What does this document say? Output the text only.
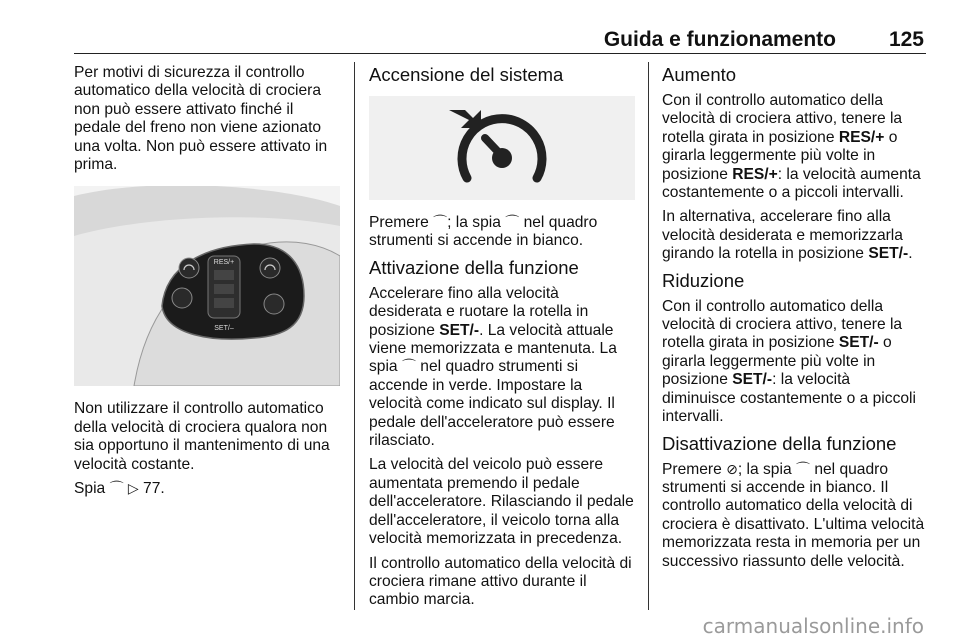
Guida e funzionamento	125

Per motivi di sicurezza il controllo automatico della velocità di crociera non può essere attivato finché il pedale del freno non viene azionato una volta. Non può essere attivato in prima.

RES/+
SET/–

Non utilizzare il controllo automatico della velocità di crociera qualora non sia opportuno il mantenimento di una velocità costante.

Spia ⌒ ▷ 77.

Accensione del sistema

Premere ⌒; la spia ⌒ nel quadro strumenti si accende in bianco.

Attivazione della funzione

Accelerare fino alla velocità desiderata e ruotare la rotella in posizione SET/-. La velocità attuale viene memorizzata e mantenuta. La spia ⌒ nel quadro strumenti si accende in verde. Impostare la velocità come indicato sul display. Il pedale dell'acceleratore può essere rilasciato.

La velocità del veicolo può essere aumentata premendo il pedale dell'acceleratore. Rilasciando il pedale dell'acceleratore, il veicolo torna alla velocità memorizzata in precedenza.

Il controllo automatico della velocità di crociera rimane attivo durante il cambio marcia.

Aumento

Con il controllo automatico della velocità di crociera attivo, tenere la rotella girata in posizione RES/+ o girarla leggermente più volte in posizione RES/+: la velocità aumenta costantemente o a piccoli intervalli.

In alternativa, accelerare fino alla velocità desiderata e memorizzarla girando la rotella in posizione SET/-.

Riduzione

Con il controllo automatico della velocità di crociera attivo, tenere la rotella girata in posizione SET/- o girarla leggermente più volte in posizione SET/-: la velocità diminuisce costantemente o a piccoli intervalli.

Disattivazione della funzione

Premere ⊘; la spia ⌒ nel quadro strumenti si accende in bianco. Il controllo automatico della velocità di crociera è disattivato. L'ultima velocità memorizzata resta in memoria per un successivo riassunto delle velocità.

carmanualsonline.info
